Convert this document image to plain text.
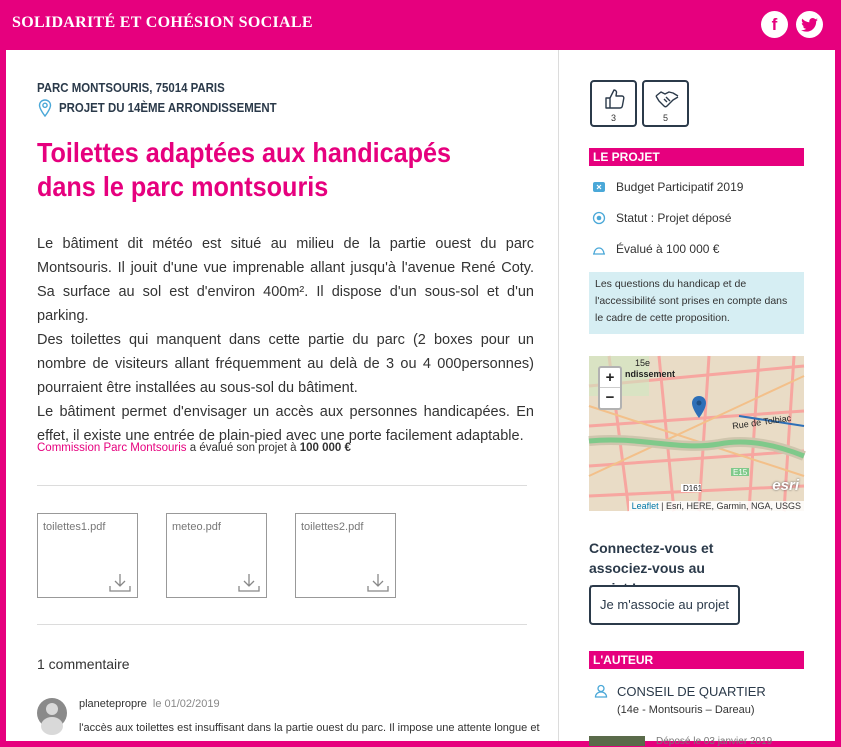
SOLIDARITÉ ET COHÉSION SOCIALE	f
PARC MONTSOURIS, 75014 PARIS
PROJET DU 14ÈME ARRONDISSEMENT
Toilettes adaptées aux handicapés dans le parc montsouris

Le bâtiment dit météo est situé au milieu de la partie ouest du parc Montsouris. Il jouit d'une vue imprenable allant jusqu'à l'avenue René Coty. Sa surface au sol est d'environ 400m². Il dispose d'un sous-sol et d'un parking.

Des toilettes qui manquent dans cette partie du parc (2 boxes pour un nombre de visiteurs allant fréquemment au delà de 3 ou 4 000personnes) pourraient être installées au sous-sol du bâtiment.

Le bâtiment permet d'envisager un accès aux personnes handicapées. En effet, il existe une entrée de plain-pied avec une porte facilement adaptable.

Commission Parc Montsouris a évalué son projet à 100 000 €
toilettes1.pdf	meteo.pdf	toilettes2.pdf
1 commentaire
planetepropre le 01/02/2019
l'accès aux toilettes est insuffisant dans la partie ouest du parc. Il impose une attente longue et
3	5
LE PROJET
Budget Participatif 2019
Statut : Projet déposé
Évalué à 100 000 €
Les questions du handicap et de l'accessibilité sont prises en compte dans le cadre de cette proposition.
15e
ndissement
Rue de Tolbiac
E15
D161
+
−
esri
Leaflet | Esri, HERE, Garmin, NGA, USGS
Connectez-vous et associez-vous au
Je m'associe au projet
L'AUTEUR
CONSEIL DE QUARTIER
(14e - Montsouris – Dareau)
Déposé le 03 janvier 2019
